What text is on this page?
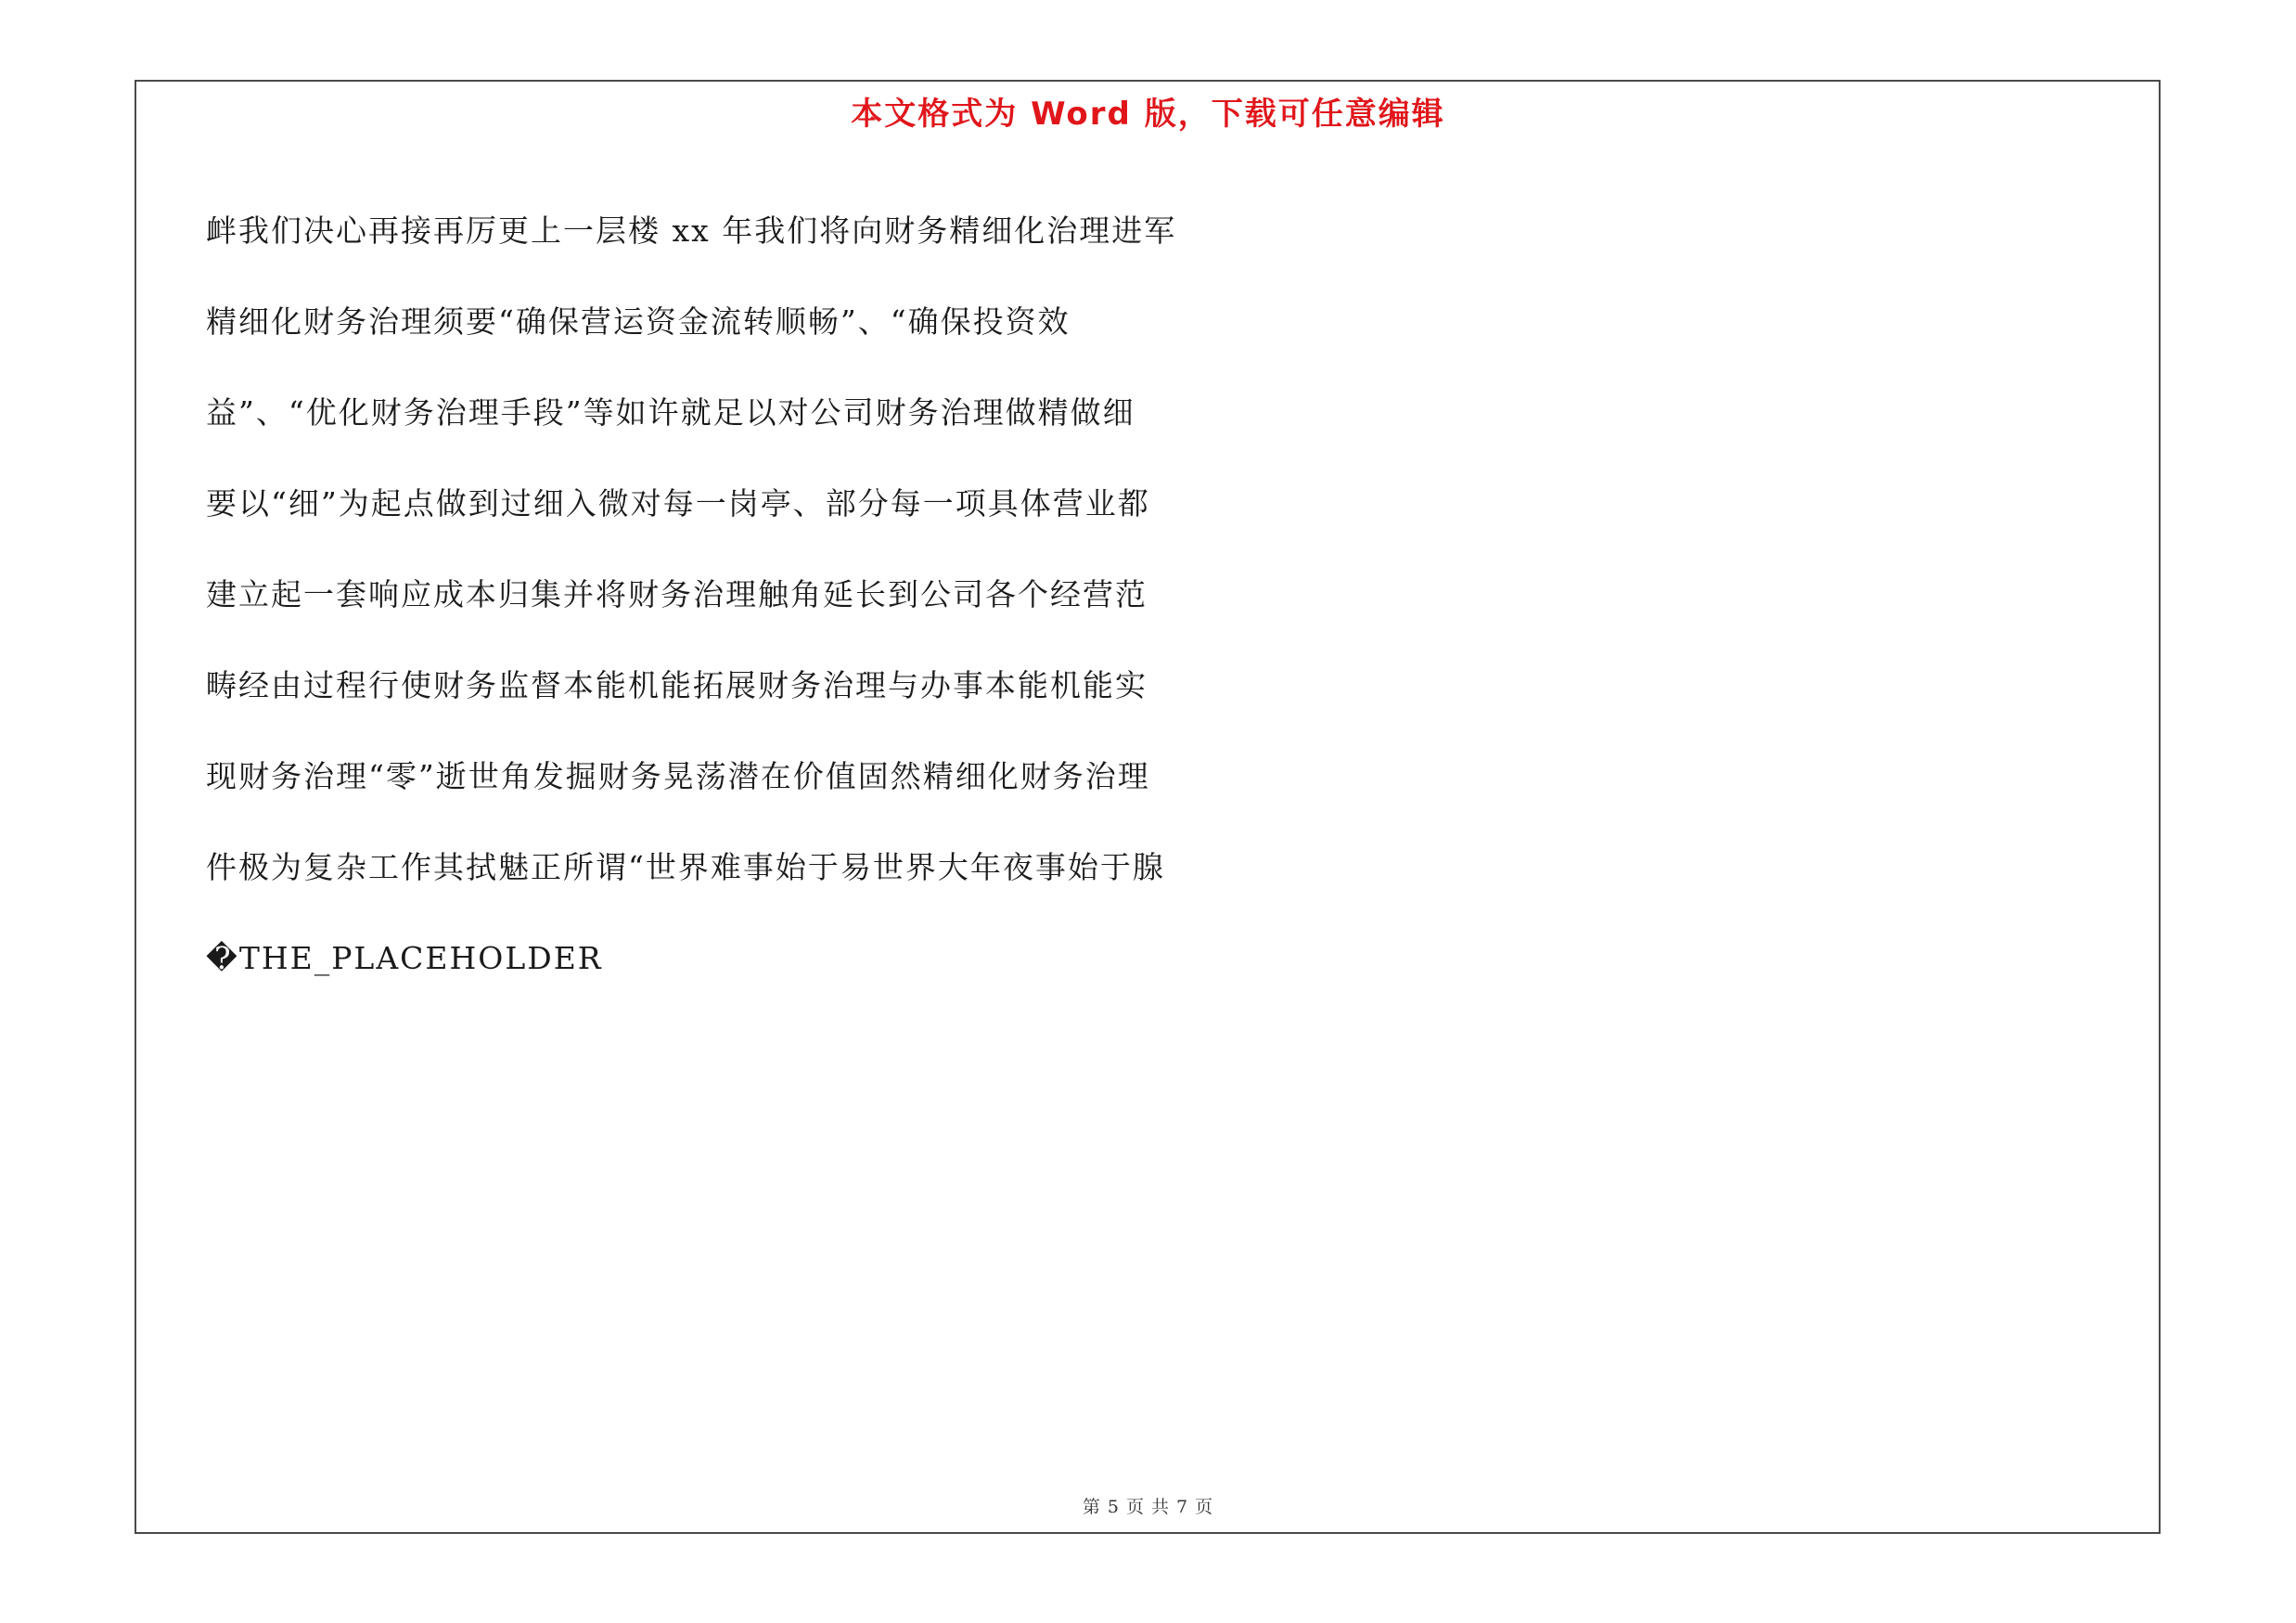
本文格式为 Word 版，下载可任意编辑
衅我们决心再接再厉更上一层楼 xx 年我们将向财务精细化治理进军
精细化财务治理须要“确保营运资金流转顺畅”、“确保投资效
益”、“优化财务治理手段”等如许就足以对公司财务治理做精做细
要以“细”为起点做到过细入微对每一岗亭、部分每一项具体营业都
建立起一套响应成本归集并将财务治理触角延长到公司各个经营范
畴经由过程行使财务监督本能机能拓展财务治理与办事本能机能实
现财务治理“零”逝世角发掘财务晃荡潜在价值固然精细化财务治理
件极为复杂工作其拭魅正所谓“世界难事始于易世界大年夜事始于腺
�THE_PLACEHOLDER
第 5 页 共 7 页
